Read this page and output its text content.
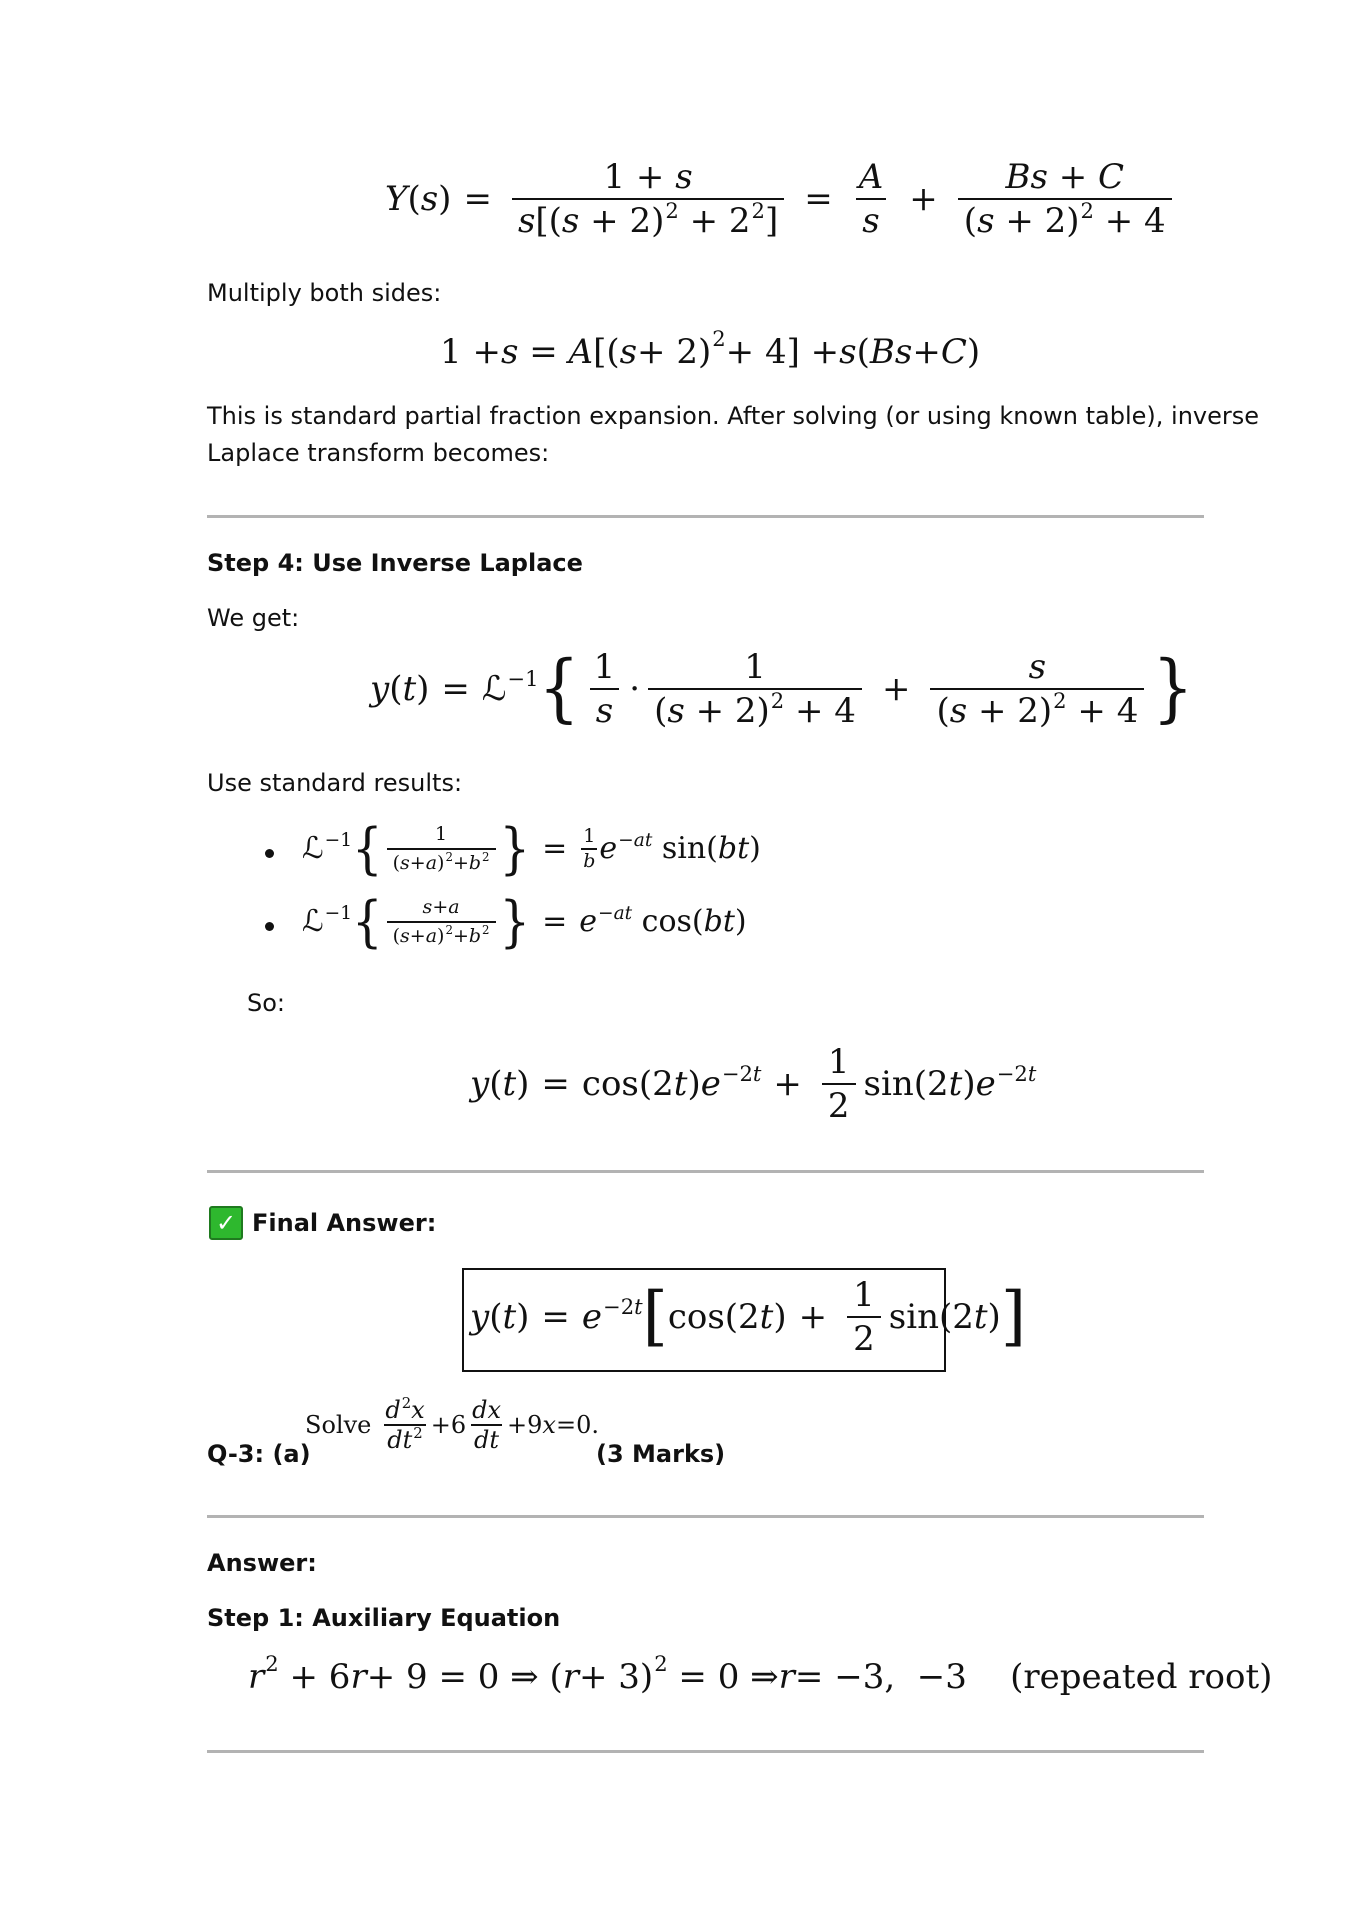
$Y(s) = \frac{1 + s}{s[(s + 2)^2 + 2^2]} = \frac{A}{s} + \frac{Bs + C}{(s + 2)^2 + 4}$
Multiply both sides:
1 + s = A [( s + 2) 2 + 4] + s ( Bs + C )
This is standard partial fraction expansion. After solving (or using known table), inverse
Laplace transform becomes:
Step 4: Use Inverse Laplace
We get:
y(t) = ℒ$^{-1}$ { $\frac{1}{s} \cdot \frac{1}{(s + 2)^2 + 4} + \frac{s}{(s + 2)^2 + 4}$ }
Use standard results:
ℒ$^{-1}$ { $\frac{1}{(s+a)^2+b^2}$ } = $\frac{1}{b} e^{-at}$ sin(bt)
ℒ$^{-1}$ { $\frac{s+a}{(s+a)^2+b^2}$ } = $e^{-at}$ cos(bt)
So:
$y(t) = \cos(2t)e^{-2t} + \frac{1}{2} \sin(2t)e^{-2t}$
✓ Final Answer:
$y(t) = e^{-2t}$ [ $\cos(2t) + \frac{1}{2} \sin(2t)$ ]
Q-3: (a)
Solve $\frac{d^2x}{dt^2} +6 \frac{dx}{dt} +9x=0$.
(3 Marks)
Answer:
Step 1: Auxiliary Equation
r 2 + 6 r + 9 = 0 ⇒ ( r + 3) 2 = 0 ⇒ r = −3,  −3    (repeated root)
